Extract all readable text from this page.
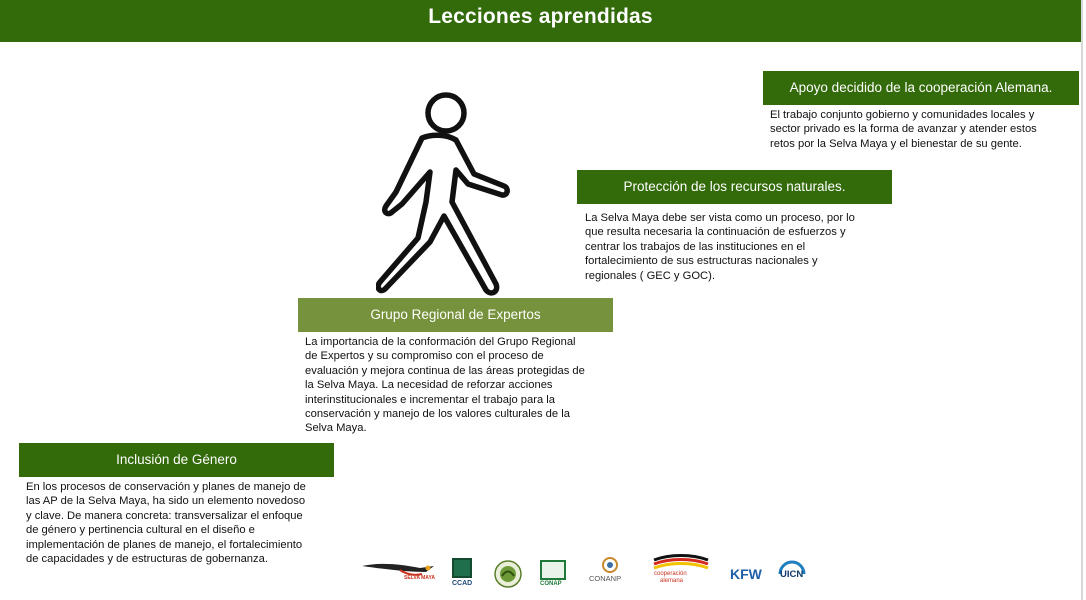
Lecciones aprendidas
Apoyo decidido de la cooperación Alemana.
El trabajo conjunto gobierno y comunidades locales y
sector privado es la forma de avanzar y atender estos
retos por la Selva Maya y el bienestar de su gente.
Protección de los recursos naturales.
La Selva Maya debe ser vista como un proceso, por lo
que resulta necesaria la continuación de esfuerzos y
centrar los trabajos de las instituciones en el
fortalecimiento de sus estructuras nacionales y
regionales ( GEC y GOC).
Grupo Regional de Expertos
La importancia de la conformación del Grupo Regional
de Expertos y su compromiso con el proceso de
evaluación y mejora continua de las áreas protegidas de
la Selva Maya. La necesidad de reforzar acciones
interinstitucionales e incrementar el trabajo para la
conservación y manejo de los valores culturales de la
Selva Maya.
Inclusión de Género
En los procesos de conservación y planes de manejo de
las AP de la Selva Maya, ha sido un elemento novedoso
y clave. De manera concreta: transversalizar el enfoque
de género y pertinencia cultural en el diseño e
implementación de planes de manejo, el fortalecimiento
de capacidades y de estructuras de gobernanza.
SELVA MAYA
CCAD	CONAP
CONANP	cooperación
alemana	KFW UICN
